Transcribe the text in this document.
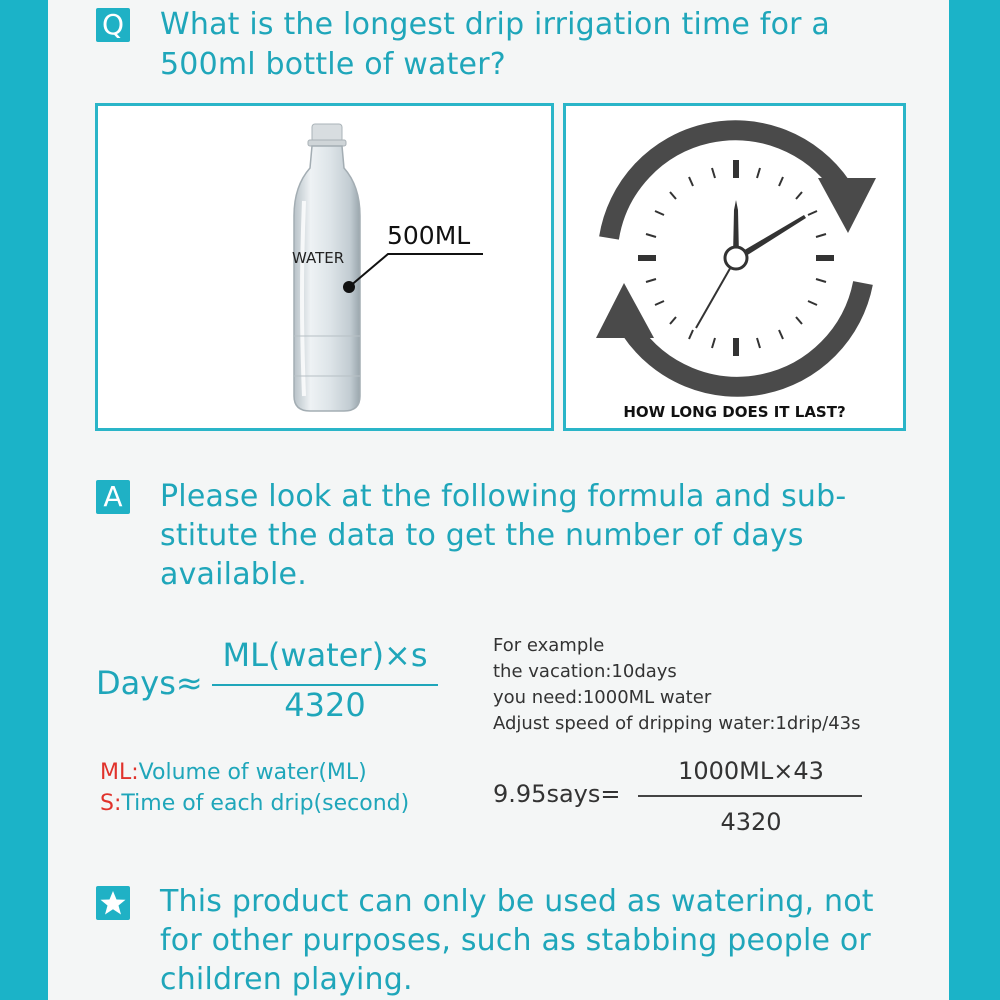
Q What is the longest drip irrigation time for a
500ml bottle of water?
WATER
500ML
HOW LONG DOES IT LAST?
A Please look at the following formula and sub-
stitute the data to get the number of days
available.
Days≈
ML(water)×s
4320
For example
the vacation:10days
you need:1000ML water
Adjust speed of dripping water:1drip/43s
ML:Volume of water(ML)
S:Time of each drip(second)	9.95says=
1000ML×43
4320
This product can only be used as watering, not
for other purposes, such as stabbing people or
children playing.
